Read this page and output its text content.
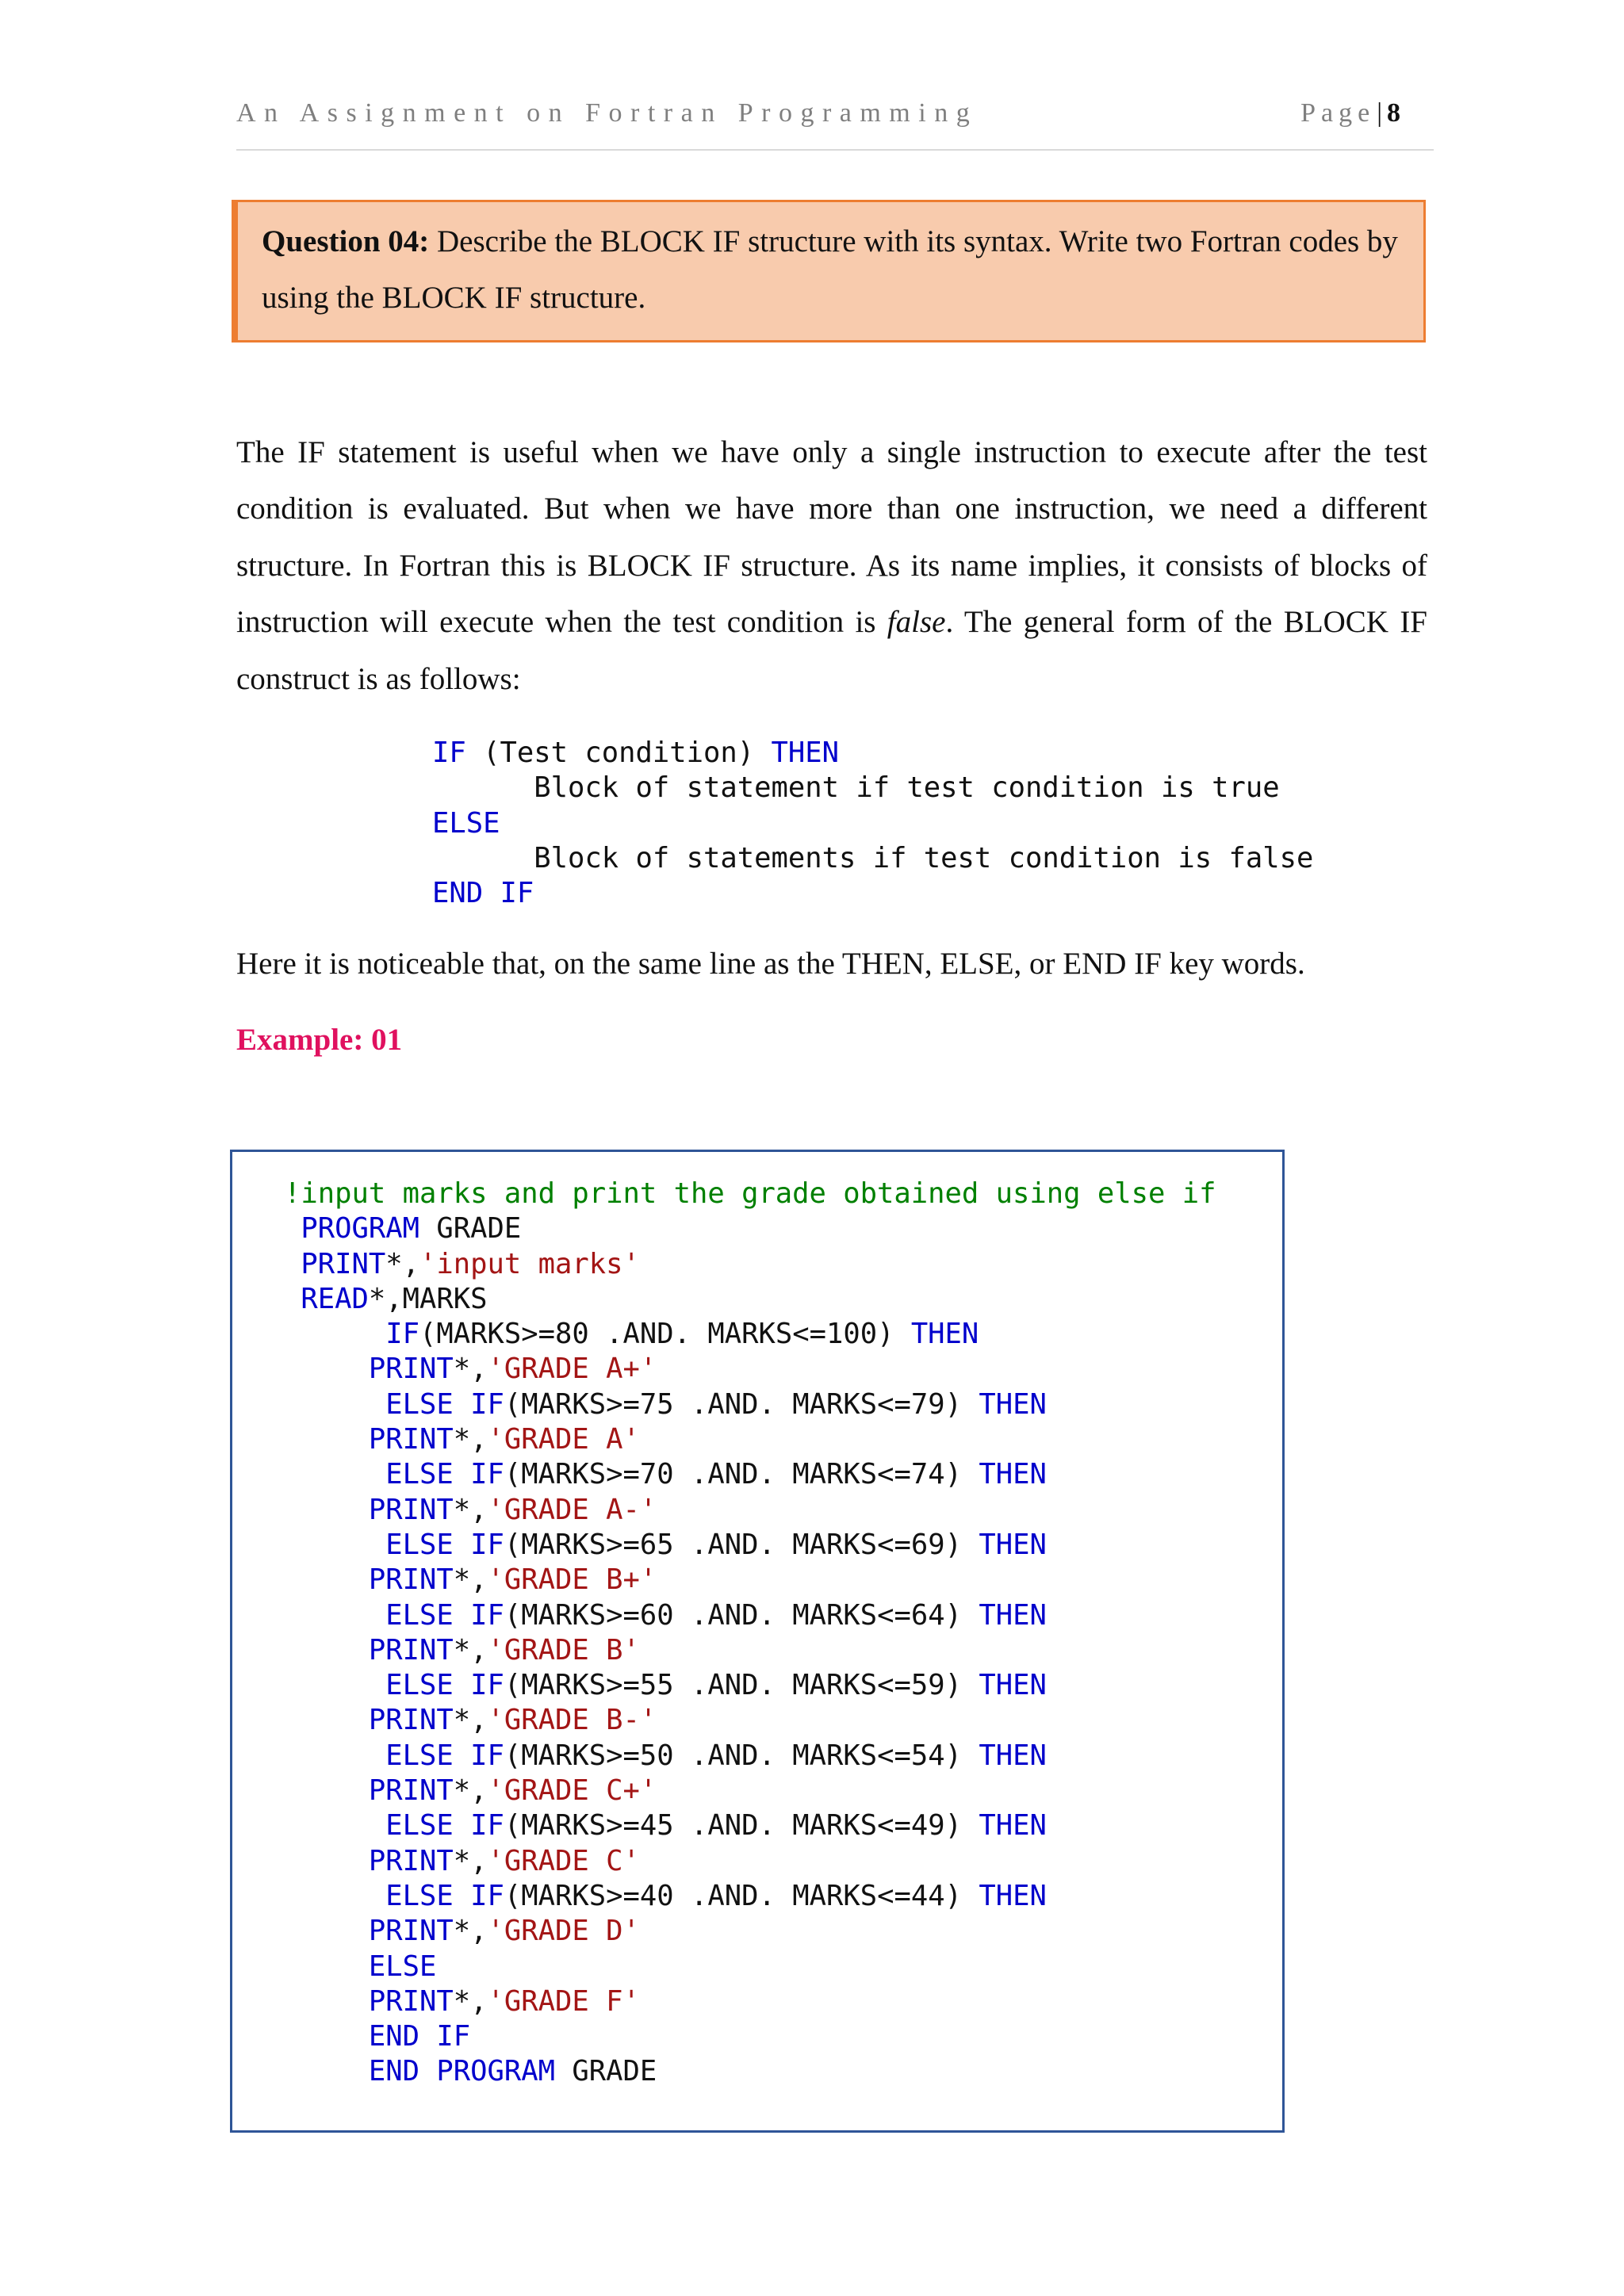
An Assignment on Fortran Programming	Page| 8
Question 04: Describe the BLOCK IF structure with its syntax. Write two Fortran codes by using the BLOCK IF structure.
The IF statement is useful when we have only a single instruction to execute after the test condition is evaluated. But when we have more than one instruction, we need a different structure. In Fortran this is BLOCK IF structure. As its name implies, it consists of blocks of instruction will execute when the test condition is false. The general form of the BLOCK IF construct is as follows:
IF (Test condition) THEN
Block of statement if test condition is true
ELSE
Block of statements if test condition is false
END IF
Here it is noticeable that, on the same line as the THEN, ELSE, or END IF key words.
Example: 01
!input marks and print the grade obtained using else if
PROGRAM GRADE
PRINT*,'input marks'
READ*,MARKS
IF(MARKS>=80 .AND. MARKS<=100) THEN
PRINT*,'GRADE A+'
ELSE IF(MARKS>=75 .AND. MARKS<=79) THEN
PRINT*,'GRADE A'
ELSE IF(MARKS>=70 .AND. MARKS<=74) THEN
PRINT*,'GRADE A-'
ELSE IF(MARKS>=65 .AND. MARKS<=69) THEN
PRINT*,'GRADE B+'
ELSE IF(MARKS>=60 .AND. MARKS<=64) THEN
PRINT*,'GRADE B'
ELSE IF(MARKS>=55 .AND. MARKS<=59) THEN
PRINT*,'GRADE B-'
ELSE IF(MARKS>=50 .AND. MARKS<=54) THEN
PRINT*,'GRADE C+'
ELSE IF(MARKS>=45 .AND. MARKS<=49) THEN
PRINT*,'GRADE C'
ELSE IF(MARKS>=40 .AND. MARKS<=44) THEN
PRINT*,'GRADE D'
ELSE
PRINT*,'GRADE F'
END IF
END PROGRAM GRADE
